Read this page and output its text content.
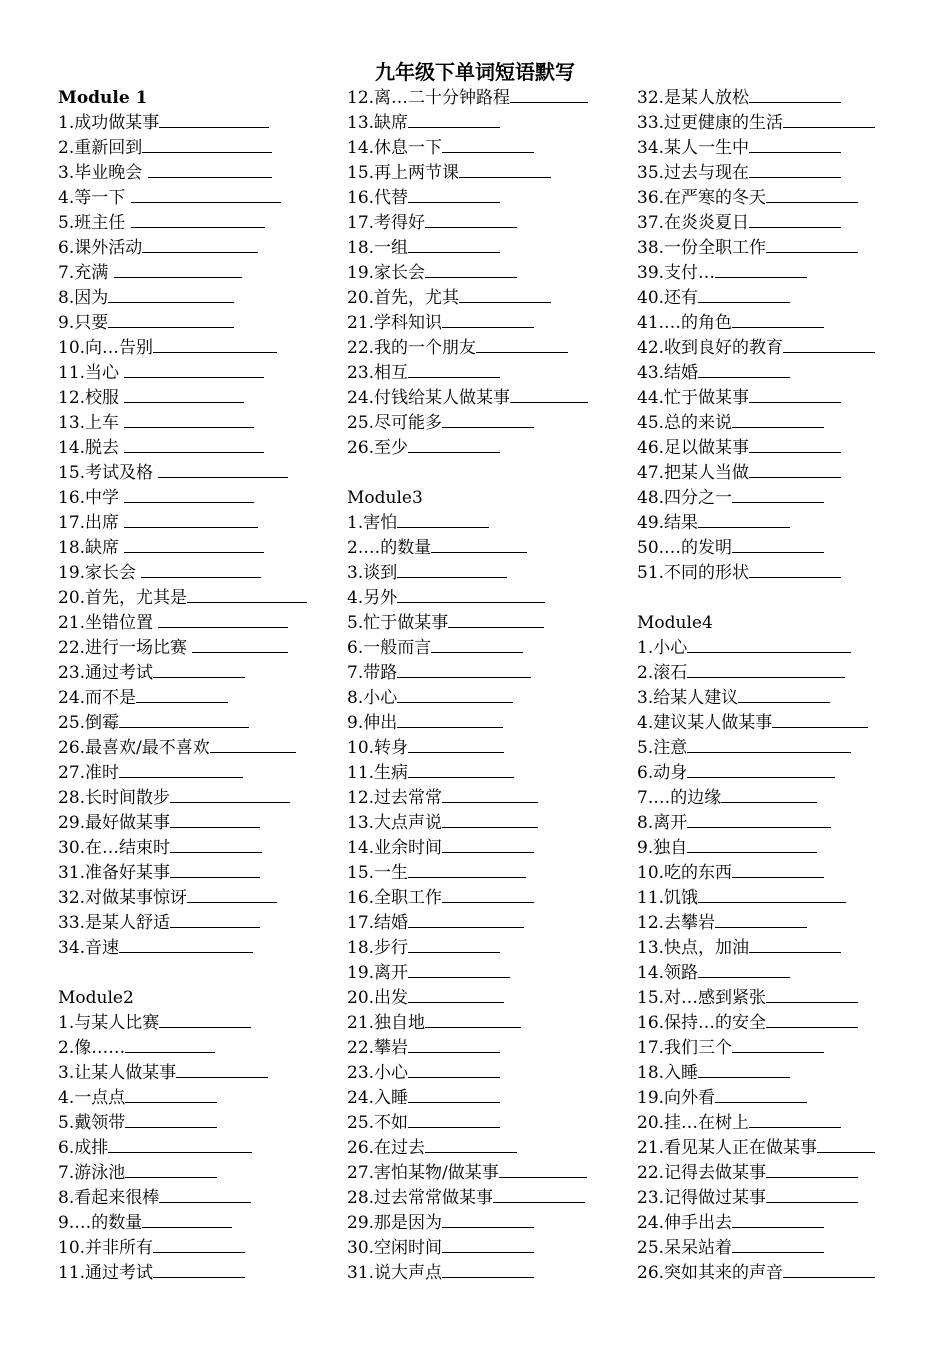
九年级下单词短语默写
Module 1
1.成功做某事
2.重新回到
3.毕业晚会
4.等一下
5.班主任
6.课外活动
7.充满
8.因为
9.只要
10.向…告别
11.当心
12.校服
13.上车
14.脱去
15.考试及格
16.中学
17.出席
18.缺席
19.家长会
20.首先，尤其是
21.坐错位置
22.进行一场比赛
23.通过考试
24.而不是
25.倒霉
26.最喜欢/最不喜欢
27.准时
28.长时间散步
29.最好做某事
30.在…结束时
31.准备好某事
32.对做某事惊讶
33.是某人舒适
34.音速
Module2
1.与某人比赛
2.像……
3.让某人做某事
4.一点点
5.戴领带
6.成排
7.游泳池
8.看起来很棒
9.…的数量
10.并非所有
11.通过考试
12.离…二十分钟路程
13.缺席
14.休息一下
15.再上两节课
16.代替
17.考得好
18.一组
19.家长会
20.首先，尤其
21.学科知识
22.我的一个朋友
23.相互
24.付钱给某人做某事
25.尽可能多
26.至少
Module3
1.害怕
2.…的数量
3.谈到
4.另外
5.忙于做某事
6.一般而言
7.带路
8.小心
9.伸出
10.转身
11.生病
12.过去常常
13.大点声说
14.业余时间
15.一生
16.全职工作
17.结婚
18.步行
19.离开
20.出发
21.独自地
22.攀岩
23.小心
24.入睡
25.不如
26.在过去
27.害怕某物/做某事
28.过去常常做某事
29.那是因为
30.空闲时间
31.说大声点
32.是某人放松
33.过更健康的生活
34.某人一生中
35.过去与现在
36.在严寒的冬天
37.在炎炎夏日
38.一份全职工作
39.支付…
40.还有
41.…的角色
42.收到良好的教育
43.结婚
44.忙于做某事
45.总的来说
46.足以做某事
47.把某人当做
48.四分之一
49.结果
50.…的发明
51.不同的形状
Module4
1.小心
2.滚石
3.给某人建议
4.建议某人做某事
5.注意
6.动身
7.…的边缘
8.离开
9.独自
10.吃的东西
11.饥饿
12.去攀岩
13.快点，加油
14.领路
15.对…感到紧张
16.保持…的安全
17.我们三个
18.入睡
19.向外看
20.挂…在树上
21.看见某人正在做某事
22.记得去做某事
23.记得做过某事
24.伸手出去
25.呆呆站着
26.突如其来的声音
